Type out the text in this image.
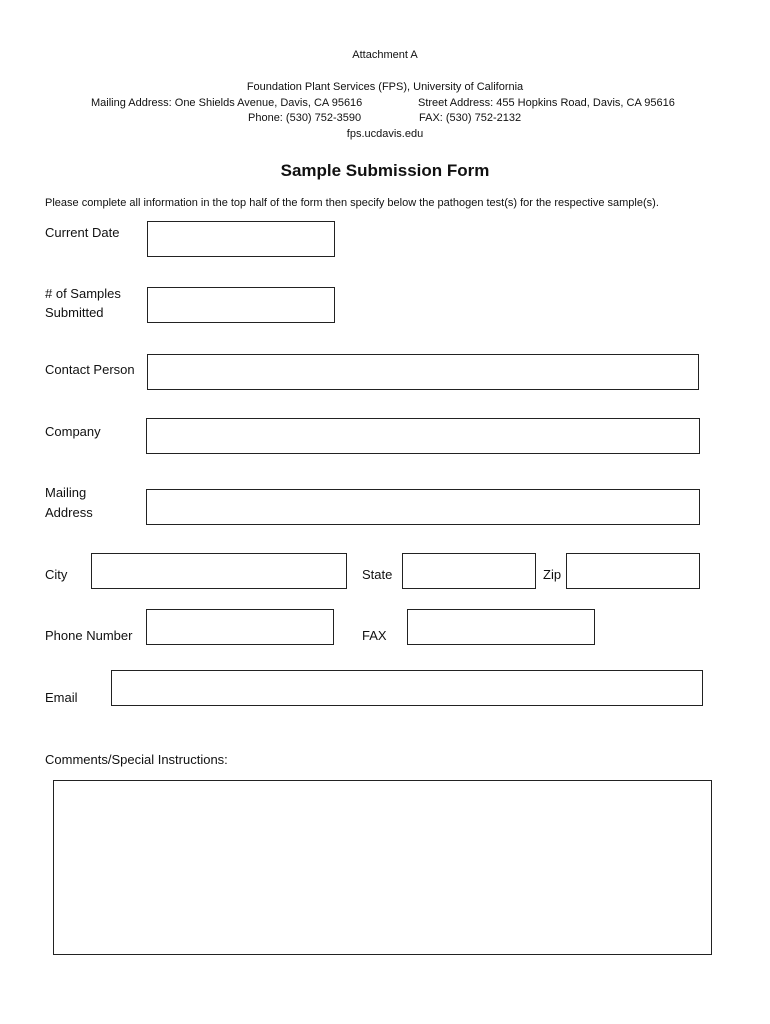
Attachment A
Foundation Plant Services (FPS), University of California
Mailing Address: One Shields Avenue, Davis, CA 95616	Street Address: 455 Hopkins Road, Davis, CA 95616
Phone: (530) 752-3590	FAX: (530) 752-2132
fps.ucdavis.edu
Sample Submission Form
Please complete all information in the top half of the form then specify below the pathogen test(s) for the respective sample(s).
Current Date
# of Samples
Submitted
Contact Person
Company
Mailing
Address
City	State	Zip
Phone Number	FAX
Email
Comments/Special Instructions:
